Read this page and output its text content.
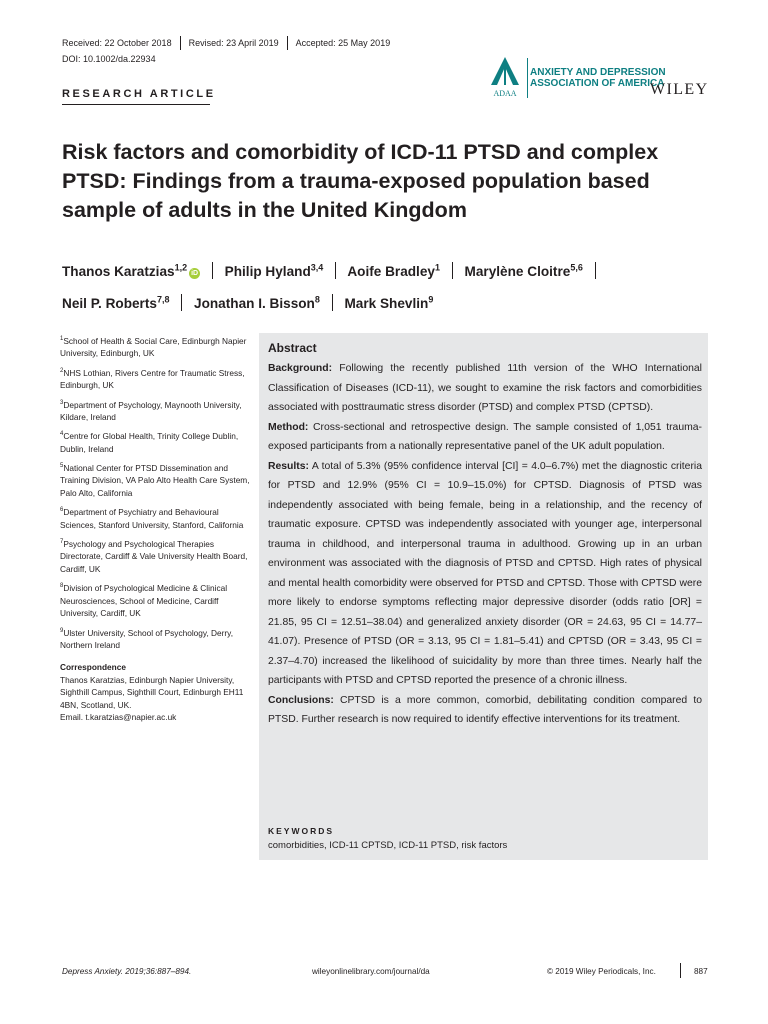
Received: 22 October 2018 Revised: 23 April 2019 Accepted: 25 May 2019
DOI: 10.1002/da.22934
RESEARCH ARTICLE	ADAA
ANXIETY AND DEPRESSION
ASSOCIATION OF AMERICA
WILEY
Risk factors and comorbidity of ICD-11 PTSD and complex PTSD: Findings from a trauma-exposed population based sample of adults in the United Kingdom
Thanos Karatzias$^{1,2}$iD Philip Hyland$^{3,4}$ Aoife Bradley$^1$ Marylène Cloitre$^{5,6}$
Neil P. Roberts$^{7,8}$ Jonathan I. Bisson$^8$ Mark Shevlin$^9$

$^1$School of Health & Social Care, Edinburgh Napier University, Edinburgh, UK

$^2$NHS Lothian, Rivers Centre for Traumatic Stress, Edinburgh, UK

$^3$Department of Psychology, Maynooth University, Kildare, Ireland

$^4$Centre for Global Health, Trinity College Dublin, Dublin, Ireland

$^5$National Center for PTSD Dissemination and Training Division, VA Palo Alto Health Care System, Palo Alto, California

$^6$Department of Psychiatry and Behavioural Sciences, Stanford University, Stanford, California

$^7$Psychology and Psychological Therapies Directorate, Cardiff & Vale University Health Board, Cardiff, UK

$^8$Division of Psychological Medicine & Clinical Neurosciences, School of Medicine, Cardiff University, Cardiff, UK

$^9$Ulster University, School of Psychology, Derry, Northern Ireland

Correspondence

Thanos Karatzias, Edinburgh Napier University, Sighthill Campus, Sighthill Court, Edinburgh EH11 4BN, Scotland, UK.

Email. t.karatzias@napier.ac.uk

Abstract

Background: Following the recently published 11th version of the WHO International Classification of Diseases (ICD-11), we sought to examine the risk factors and comorbidities associated with posttraumatic stress disorder (PTSD) and complex PTSD (CPTSD).

Method: Cross-sectional and retrospective design. The sample consisted of 1,051 trauma-exposed participants from a nationally representative panel of the UK adult population.

Results: A total of 5.3% (95% confidence interval [CI] = 4.0–6.7%) met the diagnostic criteria for PTSD and 12.9% (95% CI = 10.9–15.0%) for CPTSD. Diagnosis of PTSD was independently associated with being female, being in a relationship, and the recency of traumatic exposure. CPTSD was independently associated with younger age, interpersonal trauma in childhood, and interpersonal trauma in adulthood. Growing up in an urban environment was associated with the diagnosis of PTSD and CPTSD. High rates of physical and mental health comorbidity were observed for PTSD and CPTSD. Those with CPTSD were more likely to endorse symptoms reflecting major depressive disorder (odds ratio [OR] = 21.85, 95 CI = 12.51–38.04) and generalized anxiety disorder (OR = 24.63, 95 CI = 14.77–41.07). Presence of PTSD (OR = 3.13, 95 CI = 1.81–5.41) and CPTSD (OR = 3.43, 95 CI = 2.37–4.70) increased the likelihood of suicidality by more than three times. Nearly half the participants with PTSD and CPTSD reported the presence of a chronic illness.

Conclusions: CPTSD is a more common, comorbid, debilitating condition compared to PTSD. Further research is now required to identify effective interventions for its treatment.

KEYWORDS
comorbidities, ICD-11 CPTSD, ICD-11 PTSD, risk factors
Depress Anxiety. 2019;36:887–894.	wileyonlinelibrary.com/journal/da	© 2019 Wiley Periodicals, Inc.	887
